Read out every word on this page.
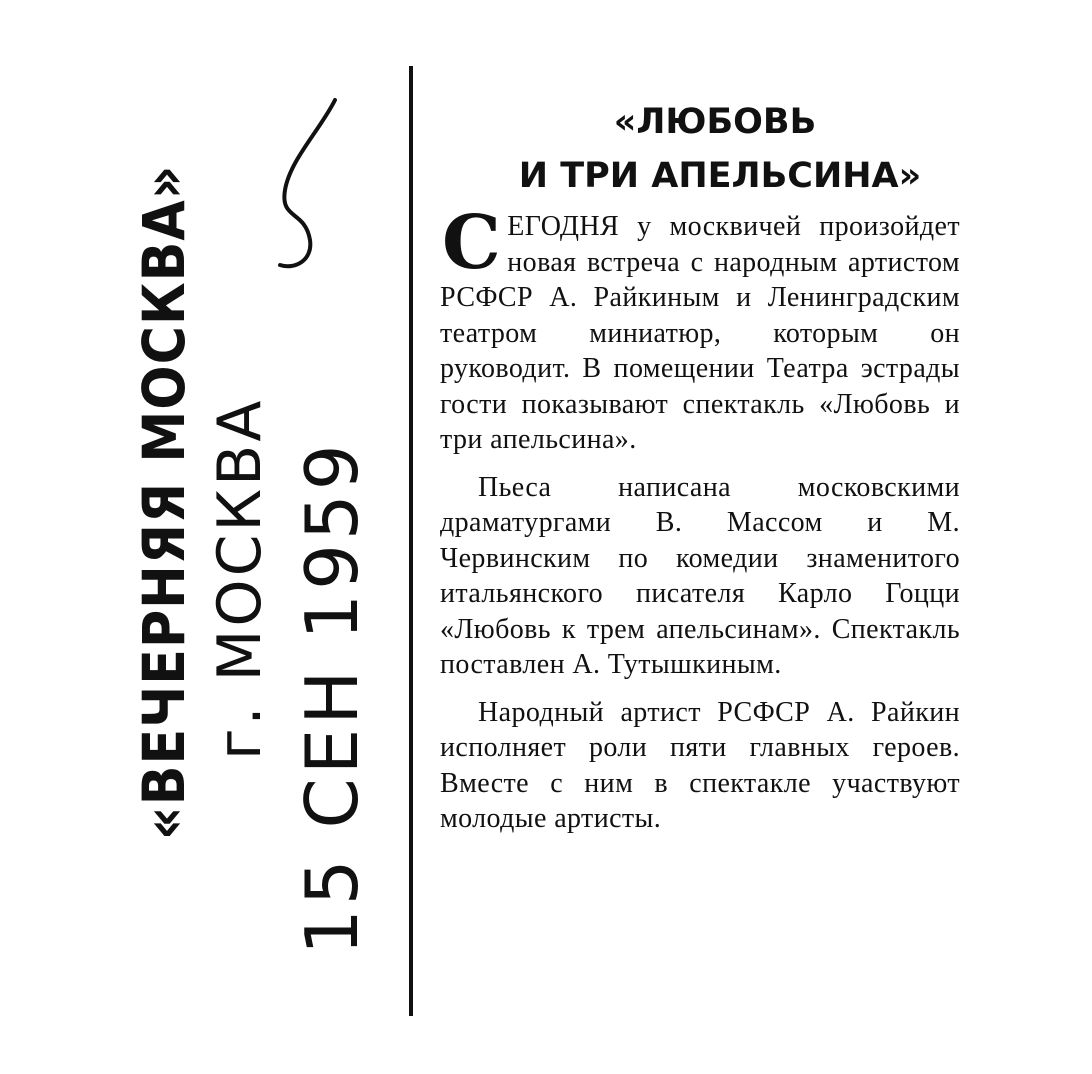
«ВЕЧЕРНЯЯ МОСКВА» г. МОСКВА 15 СЕН 1959
«ЛЮБОВЬ
И ТРИ АПЕЛЬСИНА»

СЕГОДНЯ у москвичей произойдет новая встреча с народным артистом РСФСР А. Райкиным и Ленинградским театром миниатюр, которым он руководит. В помещении Театра эстрады гости показывают спектакль «Любовь и три апельсина».

Пьеса написана московскими драматургами В. Массом и М. Червинским по комедии знаменитого итальянского писателя Карло Гоцци «Любовь к трем апельсинам». Спектакль поставлен А. Тутышкиным.

Народный артист РСФСР А. Райкин исполняет роли пяти главных героев. Вместе с ним в спектакле участвуют молодые артисты.
